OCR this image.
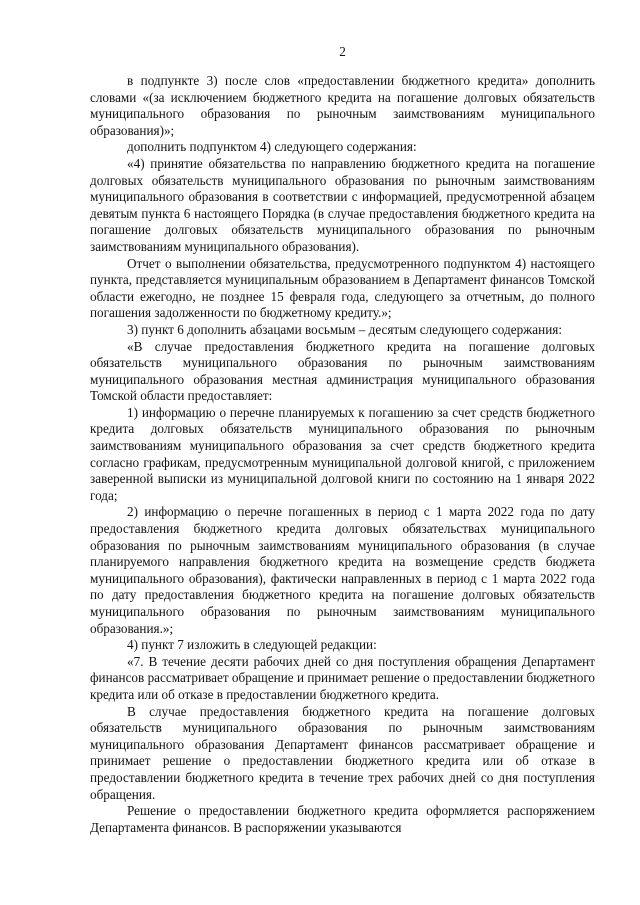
2

в подпункте 3) после слов «предоставлении бюджетного кредита» дополнить словами «(за исключением бюджетного кредита на погашение долговых обязательств муниципального образования по рыночным заимствованиям муниципального образования)»;

дополнить подпунктом 4) следующего содержания:

«4) принятие обязательства по направлению бюджетного кредита на погашение долговых обязательств муниципального образования по рыночным заимствованиям муниципального образования в соответствии с информацией, предусмотренной абзацем девятым пункта 6 настоящего Порядка (в случае предоставления бюджетного кредита на погашение долговых обязательств муниципального образования по рыночным заимствованиям муниципального образования).

Отчет о выполнении обязательства, предусмотренного подпунктом 4) настоящего пункта, представляется муниципальным образованием в Департамент финансов Томской области ежегодно, не позднее 15 февраля года, следующего за отчетным, до полного погашения задолженности по бюджетному кредиту.»;

3) пункт 6 дополнить абзацами восьмым – десятым следующего содержания:

«В случае предоставления бюджетного кредита на погашение долговых обязательств муниципального образования по рыночным заимствованиям муниципального образования местная администрация муниципального образования Томской области предоставляет:

1) информацию о перечне планируемых к погашению за счет средств бюджетного кредита долговых обязательств муниципального образования по рыночным заимствованиям муниципального образования за счет средств бюджетного кредита согласно графикам, предусмотренным муниципальной долговой книгой, с приложением заверенной выписки из муниципальной долговой книги по состоянию на 1 января 2022 года;

2) информацию о перечне погашенных в период с 1 марта 2022 года по дату предоставления бюджетного кредита долговых обязательствах муниципального образования по рыночным заимствованиям муниципального образования (в случае планируемого направления бюджетного кредита на возмещение средств бюджета муниципального образования), фактически направленных в период с 1 марта 2022 года по дату предоставления бюджетного кредита на погашение долговых обязательств муниципального образования по рыночным заимствованиям муниципального образования.»;

4) пункт 7 изложить в следующей редакции:

«7. В течение десяти рабочих дней со дня поступления обращения Департамент финансов рассматривает обращение и принимает решение о предоставлении бюджетного кредита или об отказе в предоставлении бюджетного кредита.

В случае предоставления бюджетного кредита на погашение долговых обязательств муниципального образования по рыночным заимствованиям муниципального образования Департамент финансов рассматривает обращение и принимает решение о предоставлении бюджетного кредита или об отказе в предоставлении бюджетного кредита в течение трех рабочих дней со дня поступления обращения.

Решение о предоставлении бюджетного кредита оформляется распоряжением Департамента финансов. В распоряжении указываются
